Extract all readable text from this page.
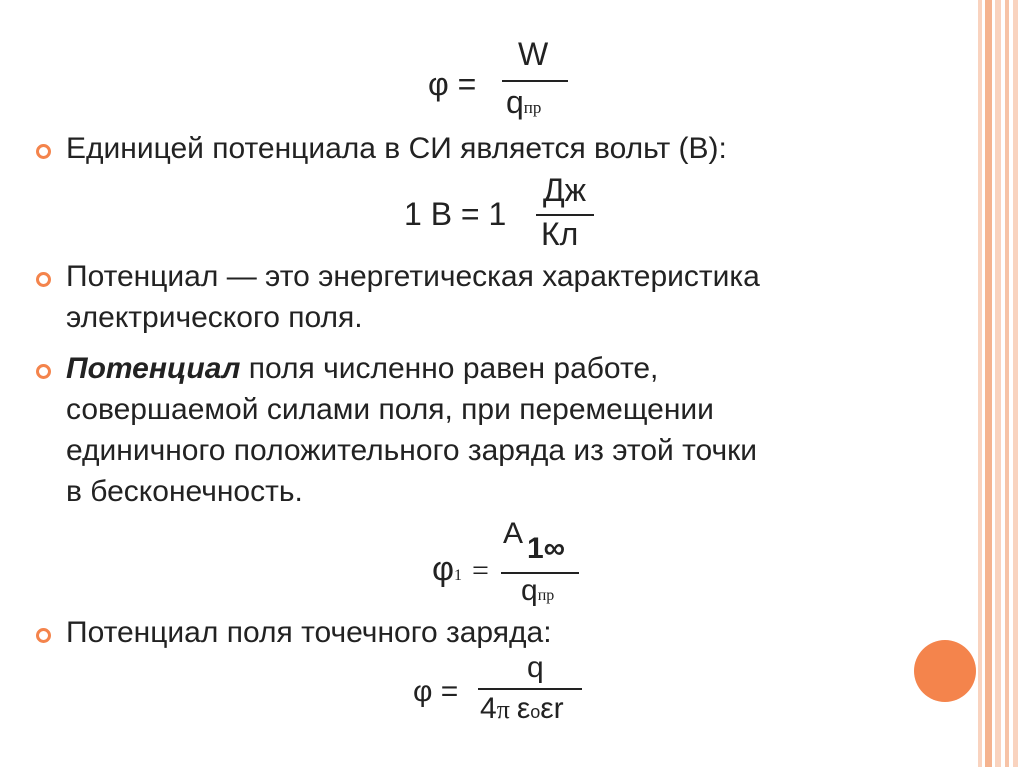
φ =
W
qпр
Единицей потенциала в СИ является вольт (В):
1 В = 1
Дж
Кл
Потенциал — это энергетическая характеристика
электрического поля.
Потенциал поля численно равен работе,
совершаемой силами поля, при перемещении
единичного положительного заряда из этой точки
в бесконечность.
φ1 =
A 1∞
qпр
Потенциал поля точечного заряда:
φ =
q
4π εoεr
